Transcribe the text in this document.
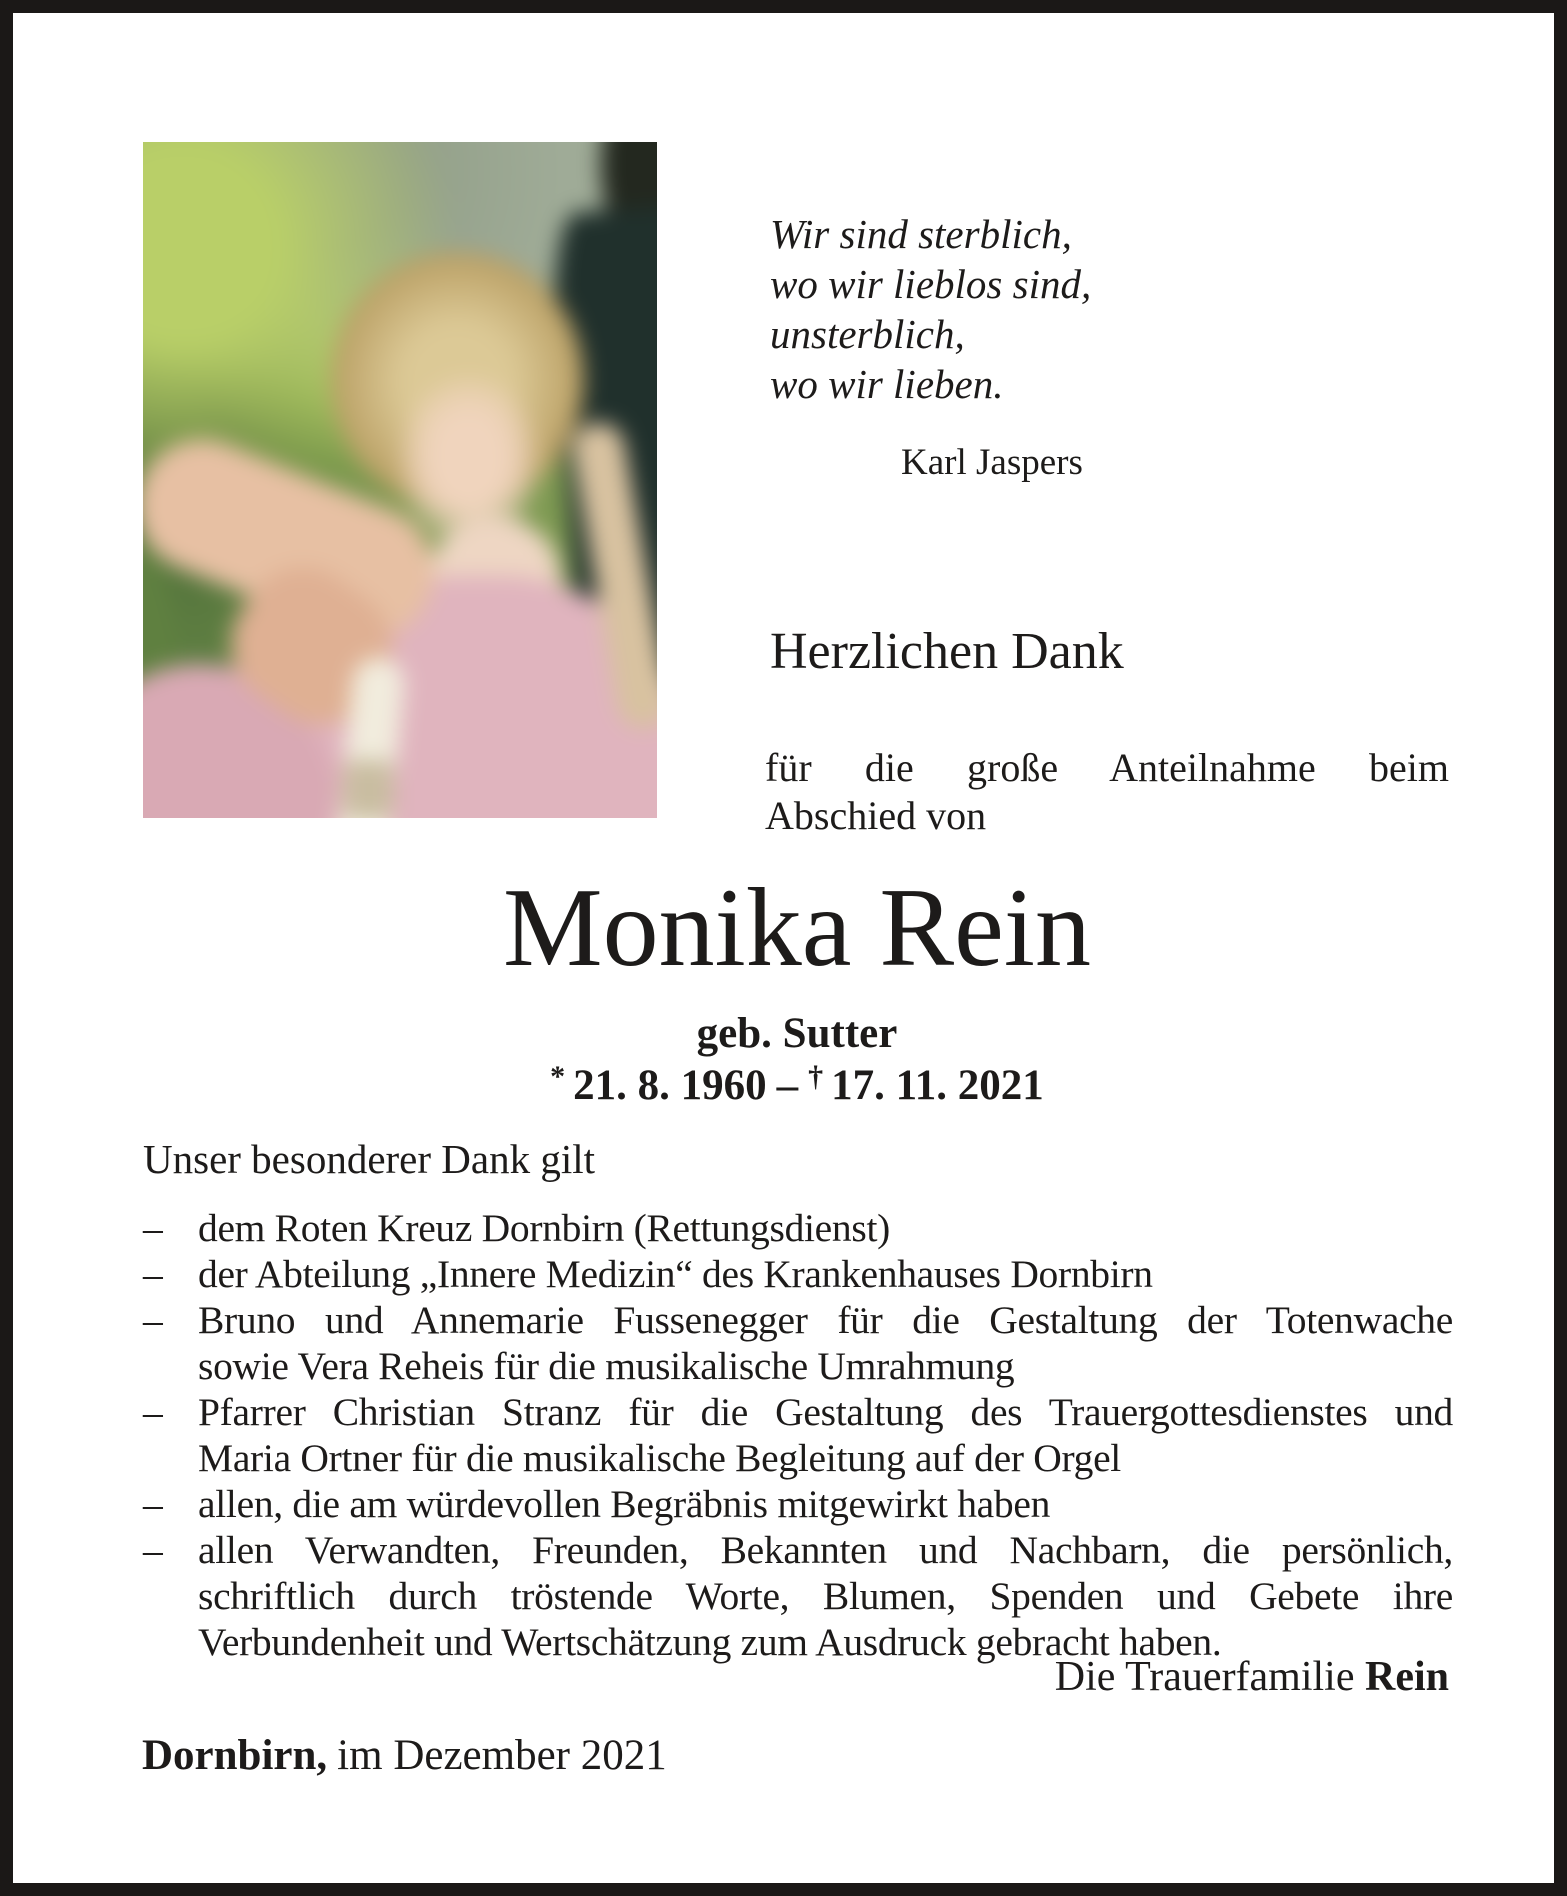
Wir sind sterblich,
wo wir lieblos sind,
unsterblich,
wo wir lieben.
Karl Jaspers
Herzlichen Dank
für die große Anteilnahme beim
Abschied von
Monika Rein
geb. Sutter
* 21. 8. 1960 – † 17. 11. 2021
Unser besonderer Dank gilt
– dem Roten Kreuz Dornbirn (Rettungsdienst)
– der Abteilung „Innere Medizin“ des Krankenhauses Dornbirn
– Bruno und Annemarie Fussenegger für die Gestaltung der Totenwache
sowie Vera Reheis für die musikalische Umrahmung
– Pfarrer Christian Stranz für die Gestaltung des Trauergottesdienstes und
Maria Ortner für die musikalische Begleitung auf der Orgel
– allen, die am würdevollen Begräbnis mitgewirkt haben
– allen Verwandten, Freunden, Bekannten und Nachbarn, die persönlich,
schriftlich durch tröstende Worte, Blumen, Spenden und Gebete ihre
Verbundenheit und Wertschätzung zum Ausdruck gebracht haben.
Die Trauerfamilie Rein
Dornbirn, im Dezember 2021
